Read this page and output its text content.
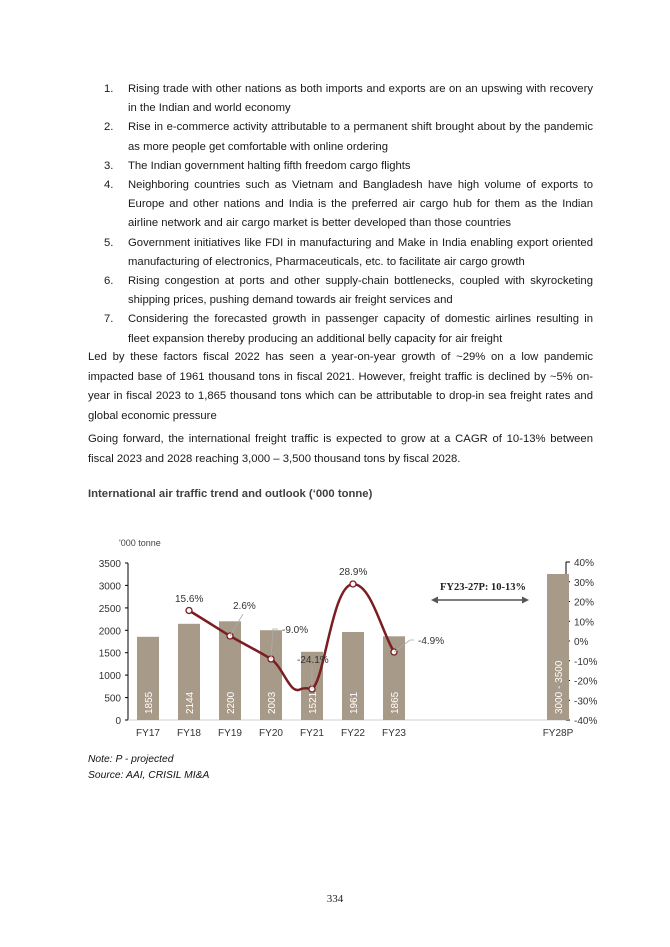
1. Rising trade with other nations as both imports and exports are on an upswing with recovery in the Indian and world economy
2. Rise in e-commerce activity attributable to a permanent shift brought about by the pandemic as more people get comfortable with online ordering
3. The Indian government halting fifth freedom cargo flights
4. Neighboring countries such as Vietnam and Bangladesh have high volume of exports to Europe and other nations and India is the preferred air cargo hub for them as the Indian airline network and air cargo market is better developed than those countries
5. Government initiatives like FDI in manufacturing and Make in India enabling export oriented manufacturing of electronics, Pharmaceuticals, etc. to facilitate air cargo growth
6. Rising congestion at ports and other supply-chain bottlenecks, coupled with skyrocketing shipping prices, pushing demand towards air freight services and
7. Considering the forecasted growth in passenger capacity of domestic airlines resulting in fleet expansion thereby producing an additional belly capacity for air freight

Led by these factors fiscal 2022 has seen a year-on-year growth of ~29% on a low pandemic impacted base of 1961 thousand tons in fiscal 2021. However, freight traffic is declined by ~5% on-year in fiscal 2023 to 1,865 thousand tons which can be attributable to drop-in sea freight rates and global economic pressure

Going forward, the international freight traffic is expected to grow at a CAGR of 10-13% between fiscal 2023 and 2028 reaching 3,000 – 3,500 thousand tons by fiscal 2028.

International air traffic trend and outlook (‘000 tonne)
'000 tonne
0
500
1000
1500
2000
2500
3000
3500	40%
30%
20%
10%
0%
-10%
-20%
-30%
-40%
1855	2144	2200	2003	1521	1961	1865	3000 - 3500
FY17 FY18 FY19 FY20 FY21 FY22 FY23	FY28P
15.6%
2.6%
-9.0%
-24.1%
28.9%
-4.9%
FY23-27P: 10-13%
Note: P - projected
Source: AAI, CRISIL MI&A
334
